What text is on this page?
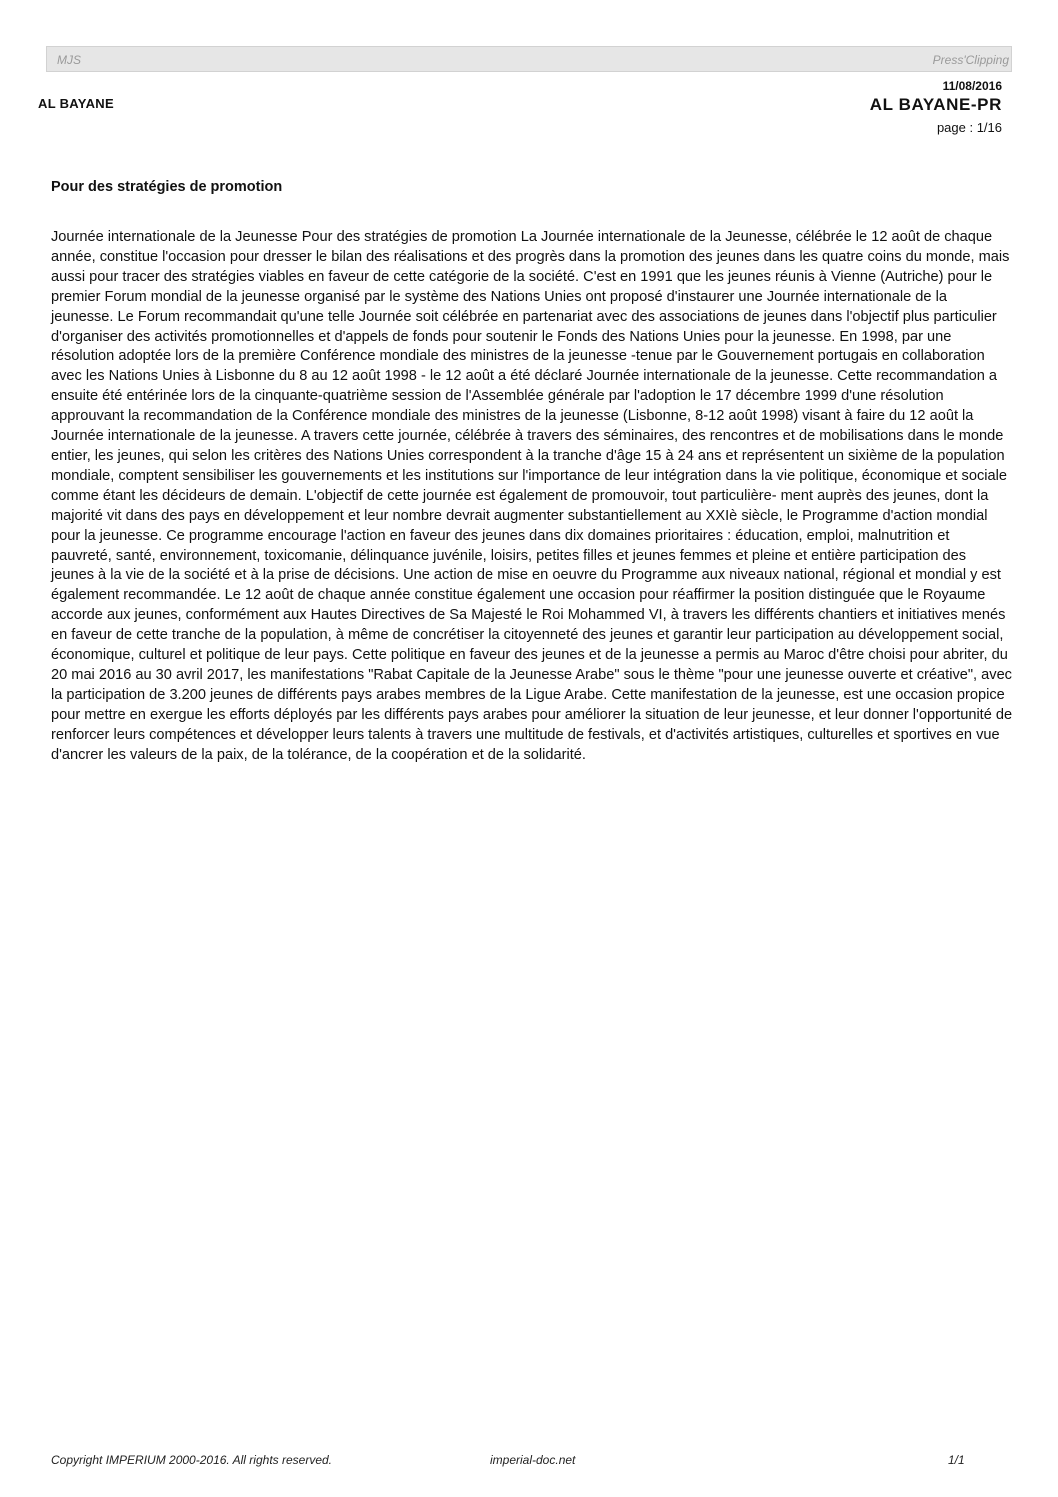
MJS	Press'Clipping
AL BAYANE
11/08/2016
AL BAYANE-PR
page : 1/16
Pour des stratégies de promotion

Journée internationale de la Jeunesse Pour des stratégies de promotion La Journée internationale de la Jeunesse, célébrée le 12 août de chaque année, constitue l'occasion pour dresser le bilan des réalisations et des progrès dans la promotion des jeunes dans les quatre coins du monde, mais aussi pour tracer des stratégies viables en faveur de cette catégorie de la société. C'est en 1991 que les jeunes réunis à Vienne (Autriche) pour le premier Forum mondial de la jeunesse organisé par le système des Nations Unies ont proposé d'instaurer une Journée internationale de la jeunesse. Le Forum recommandait qu'une telle Journée soit célébrée en partenariat avec des associations de jeunes dans l'objectif plus particulier d'organiser des activités promotionnelles et d'appels de fonds pour soutenir le Fonds des Nations Unies pour la jeunesse. En 1998, par une résolution adoptée lors de la première Conférence mondiale des ministres de la jeunesse -tenue par le Gouvernement portugais en collaboration avec les Nations Unies à Lisbonne du 8 au 12 août 1998 - le 12 août a été déclaré Journée internationale de la jeunesse. Cette recommandation a ensuite été entérinée lors de la cinquante-quatrième session de l'Assemblée générale par l'adoption le 17 décembre 1999 d'une résolution approuvant la recommandation de la Conférence mondiale des ministres de la jeunesse (Lisbonne, 8-12 août 1998) visant à faire du 12 août la Journée internationale de la jeunesse. A travers cette journée, célébrée à travers des séminaires, des rencontres et de mobilisations dans le monde entier, les jeunes, qui selon les critères des Nations Unies correspondent à la tranche d'âge 15 à 24 ans et représentent un sixième de la population mondiale, comptent sensibiliser les gouvernements et les institutions sur l'importance de leur intégration dans la vie politique, économique et sociale comme étant les décideurs de demain. L'objectif de cette journée est également de promouvoir, tout particulière- ment auprès des jeunes, dont la majorité vit dans des pays en développement et leur nombre devrait augmenter substantiellement au XXIè siècle, le Programme d'action mondial pour la jeunesse. Ce programme encourage l'action en faveur des jeunes dans dix domaines prioritaires : éducation, emploi, malnutrition et pauvreté, santé, environnement, toxicomanie, délinquance juvénile, loisirs, petites filles et jeunes femmes et pleine et entière participation des jeunes à la vie de la société et à la prise de décisions. Une action de mise en oeuvre du Programme aux niveaux national, régional et mondial y est également recommandée. Le 12 août de chaque année constitue également une occasion pour réaffirmer la position distinguée que le Royaume accorde aux jeunes, conformément aux Hautes Directives de Sa Majesté le Roi Mohammed VI, à travers les différents chantiers et initiatives menés en faveur de cette tranche de la population, à même de concrétiser la citoyenneté des jeunes et garantir leur participation au développement social, économique, culturel et politique de leur pays. Cette politique en faveur des jeunes et de la jeunesse a permis au Maroc d'être choisi pour abriter, du 20 mai 2016 au 30 avril 2017, les manifestations "Rabat Capitale de la Jeunesse Arabe" sous le thème "pour une jeunesse ouverte et créative", avec la participation de 3.200 jeunes de différents pays arabes membres de la Ligue Arabe. Cette manifestation de la jeunesse, est une occasion propice pour mettre en exergue les efforts déployés par les différents pays arabes pour améliorer la situation de leur jeunesse, et leur donner l'opportunité de renforcer leurs compétences et développer leurs talents à travers une multitude de festivals, et d'activités artistiques, culturelles et sportives en vue d'ancrer les valeurs de la paix, de la tolérance, de la coopération et de la solidarité.

Copyright IMPERIUM 2000-2016. All rights reserved.	imperial-doc.net	1/1
